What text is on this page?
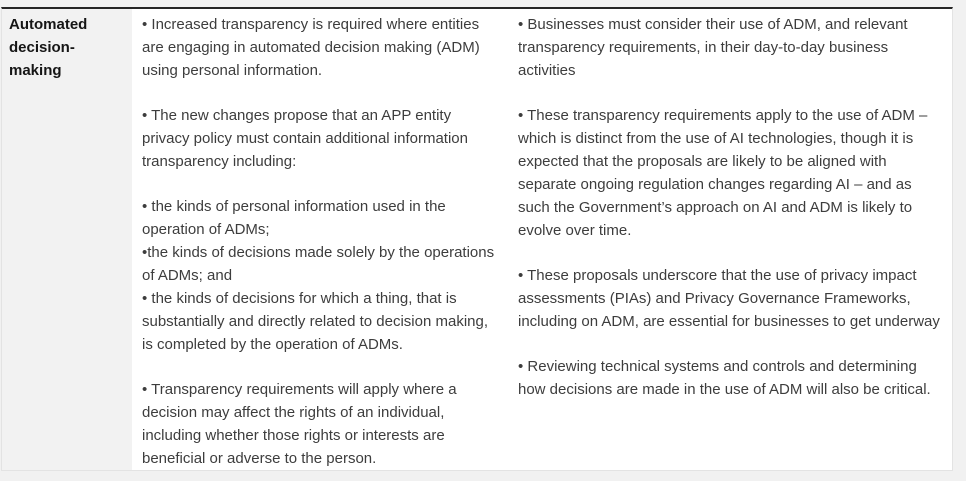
Automated decision-making
• Increased transparency is required where entities are engaging in automated decision making (ADM) using personal information.
• The new changes propose that an APP entity privacy policy must contain additional information transparency including:
• the kinds of personal information used in the operation of ADMs;
•the kinds of decisions made solely by the operations of ADMs; and
• the kinds of decisions for which a thing, that is substantially and directly related to decision making, is completed by the operation of ADMs.
• Transparency requirements will apply where a decision may affect the rights of an individual, including whether those rights or interests are beneficial or adverse to the person.
• Businesses must consider their use of ADM, and relevant transparency requirements, in their day-to-day business activities
• These transparency requirements apply to the use of ADM – which is distinct from the use of AI technologies, though it is expected that the proposals are likely to be aligned with separate ongoing regulation changes regarding AI – and as such the Government’s approach on AI and ADM is likely to evolve over time.
• These proposals underscore that the use of privacy impact assessments (PIAs) and Privacy Governance Frameworks, including on ADM, are essential for businesses to get underway
• Reviewing technical systems and controls and determining how decisions are made in the use of ADM will also be critical.
